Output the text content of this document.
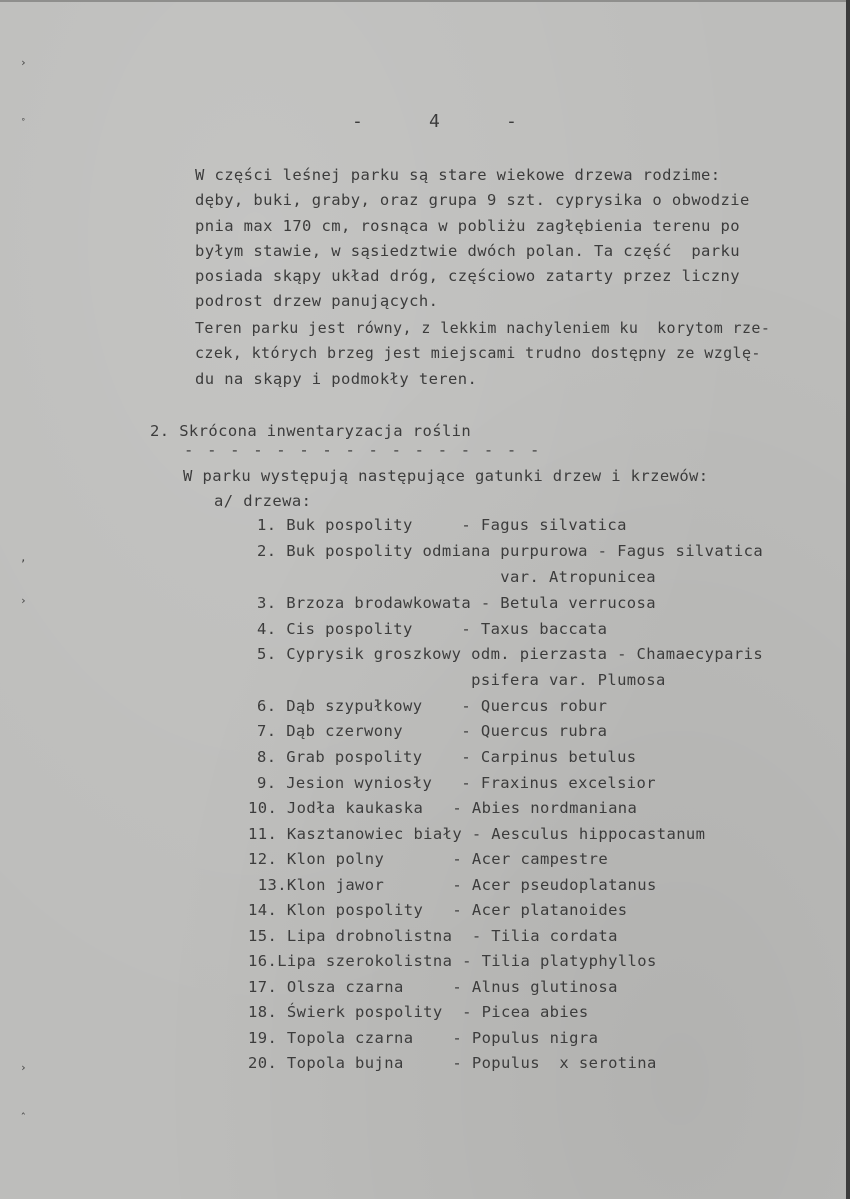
›
˳
‚
›
›
ˆ
-     4     -
W części leśnej parku są stare wiekowe drzewa rodzime:
dęby, buki, graby, oraz grupa 9 szt. cyprysika o obwodzie
pnia max 170 cm, rosnąca w pobliżu zagłębienia terenu po
byłym stawie, w sąsiedztwie dwóch polan. Ta część  parku
posiada skąpy układ dróg, częściowo zatarty przez liczny
podrost drzew panujących.
Teren parku jest równy, z lekkim nachyleniem ku  korytom rze-
czek, których brzeg jest miejscami trudno dostępny ze wzglę-
du na skąpy i podmokły teren.
2. Skrócona inwentaryzacja roślin
- - - - - - - - - - - - - - - -
W parku występują następujące gatunki drzew i krzewów:
a/ drzewa:
1. Buk pospolity     - Fagus silvatica
2. Buk pospolity odmiana purpurowa - Fagus silvatica
var. Atropunicea
3. Brzoza brodawkowata - Betula verrucosa
4. Cis pospolity     - Taxus baccata
5. Cyprysik groszkowy odm. pierzasta - Chamaecyparis
psifera var. Plumosa
6. Dąb szypułkowy    - Quercus robur
7. Dąb czerwony      - Quercus rubra
8. Grab pospolity    - Carpinus betulus
9. Jesion wyniosły   - Fraxinus excelsior
10. Jodła kaukaska   - Abies nordmaniana
11. Kasztanowiec biały - Aesculus hippocastanum
12. Klon polny       - Acer campestre
13.Klon jawor       - Acer pseudoplatanus
14. Klon pospolity   - Acer platanoides
15. Lipa drobnolistna  - Tilia cordata
16.Lipa szerokolistna - Tilia platyphyllos
17. Olsza czarna     - Alnus glutinosa
18. Świerk pospolity  - Picea abies
19. Topola czarna    - Populus nigra
20. Topola bujna     - Populus  x serotina
